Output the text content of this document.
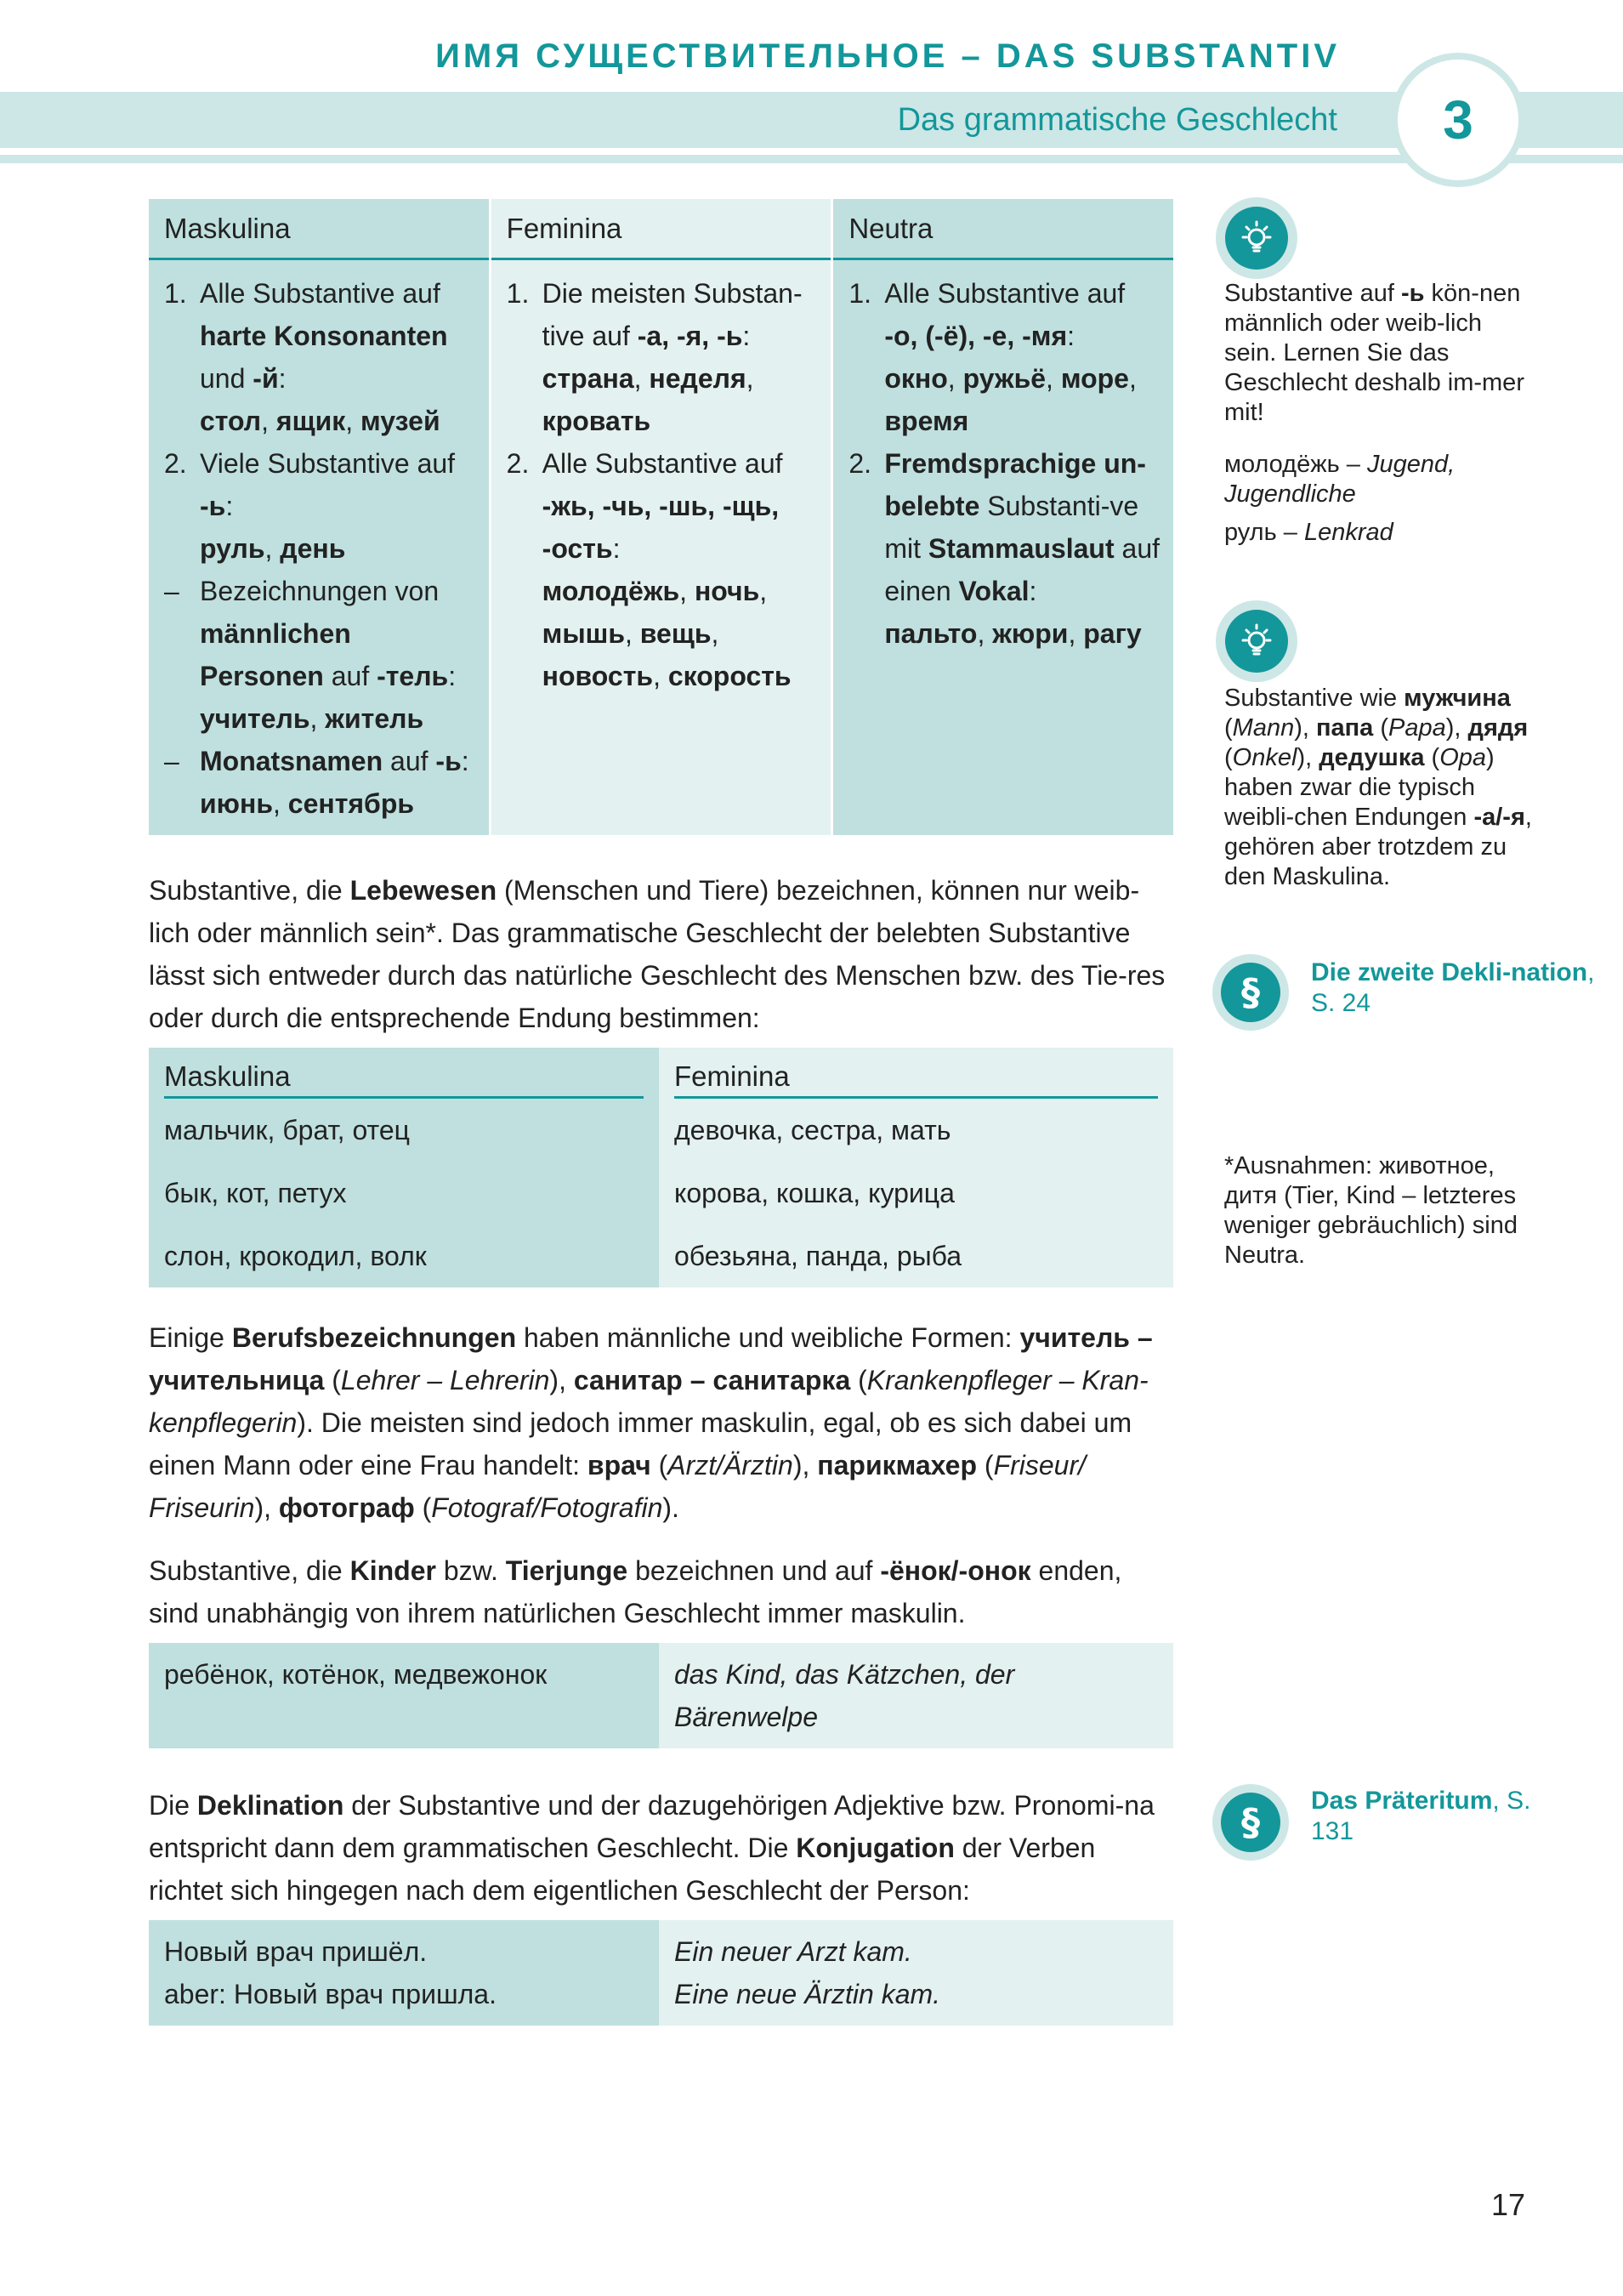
ИМЯ СУЩЕСТВИТЕЛЬНОЕ – DAS SUBSTANTIV
Das grammatische Geschlecht 3
Maskulina
1. Alle Substantive auf harte Konsonanten und -й:
стол, ящик, музей
2. Viele Substantive auf -ь:
руль, день
– Bezeichnungen von männlichen Personen auf -тель:
учитель, житель
– Monatsnamen auf -ь:
июнь, сентябрь
Feminina
1. Die meisten Substan-tive auf -а, -я, -ь:
страна, неделя, кровать
2. Alle Substantive auf -жь, -чь, -шь, -щь, -ость:
молодёжь, ночь, мышь, вещь, новость, скорость
Neutra
1. Alle Substantive auf -о, (-ё), -е, -мя:
окно, ружьё, море, время
2. Fremdsprachige un-belebte Substanti-ve mit Stammauslaut auf einen Vokal:
пальто, жюри, рагу

Substantive, die Lebewesen (Menschen und Tiere) bezeichnen, können nur weib-lich oder männlich sein*. Das grammatische Geschlecht der belebten Substantive lässt sich entweder durch das natürliche Geschlecht des Menschen bzw. des Tie-res oder durch die entsprechende Endung bestimmen:

Maskulina
мальчик, брат, отец
бык, кот, петух
слон, крокодил, волк
Feminina
девочка, сестра, мать
корова, кошка, курица
обезьяна, панда, рыба

Einige Berufsbezeichnungen haben männliche und weibliche Formen: учитель – учительница (Lehrer – Lehrerin), санитар – санитарка (Krankenpfleger – Kran-kenpflegerin). Die meisten sind jedoch immer maskulin, egal, ob es sich dabei um einen Mann oder eine Frau handelt: врач (Arzt/Ärztin), парикмахер (Friseur/ Friseurin), фотограф (Fotograf/Fotografin).

Substantive, die Kinder bzw. Tierjunge bezeichnen und auf -ёнок/-онок enden, sind unabhängig von ihrem natürlichen Geschlecht immer maskulin.

ребёнок, котёнок, медвежонок	das Kind, das Kätzchen, der
Bärenwelpe

Die Deklination der Substantive und der dazugehörigen Adjektive bzw. Pronomi-na entspricht dann dem grammatischen Geschlecht. Die Konjugation der Verben richtet sich hingegen nach dem eigentlichen Geschlecht der Person:

Новый врач пришёл.
aber: Новый врач пришла.
Ein neuer Arzt kam.
Eine neue Ärztin kam.

Substantive auf -ь kön-nen männlich oder weib-lich sein. Lernen Sie das Geschlecht deshalb im-mer mit!

молодёжь – Jugend, Jugendliche

руль – Lenkrad

Substantive wie мужчина (Mann), папа (Papa), дядя (Onkel), дедушка (Opa) haben zwar die typisch weibli-chen Endungen -а/-я, gehören aber trotzdem zu den Maskulina.

§ Die zweite Dekli-nation, S. 24

*Ausnahmen: животное, дитя (Tier, Kind – letzteres weniger gebräuchlich) sind Neutra.

§ Das Präteritum, S. 131
17
